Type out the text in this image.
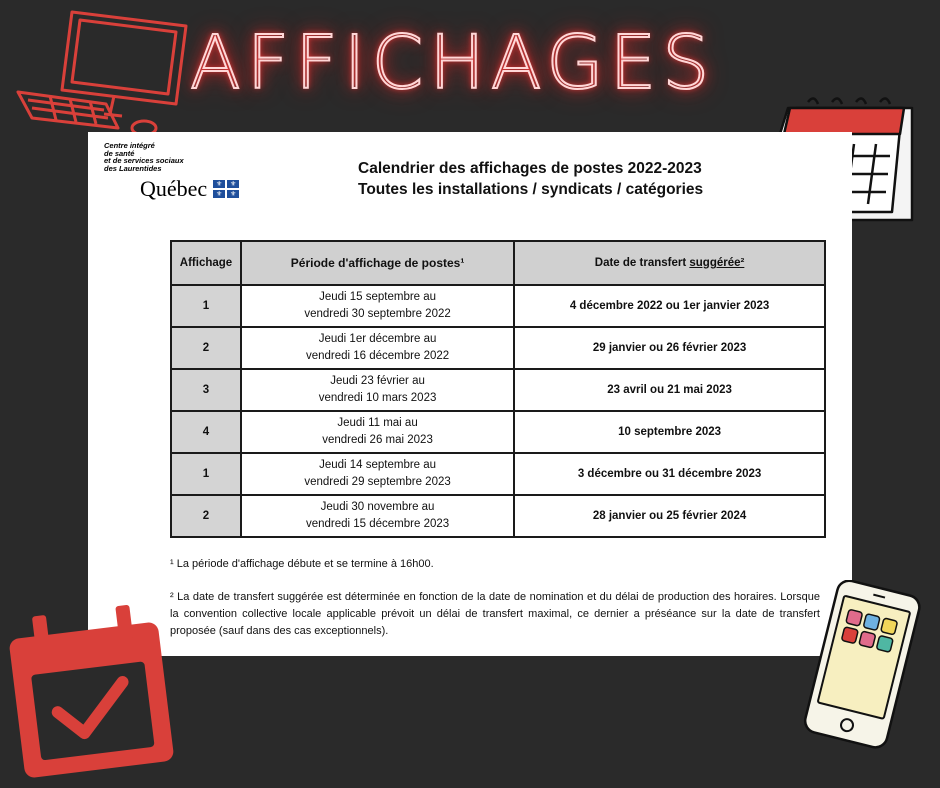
AFFICHAGES
Centre intégré
de santé
et de services sociaux
des Laurentides
Québec	⚜	⚜
⚜	⚜
Calendrier des affichages de postes 2022-2023
Toutes les installations / syndicats / catégories
Affichage	Période d'affichage de postes¹	Date de transfert suggérée²
1	Jeudi 15 septembre au
vendredi 30 septembre 2022	4 décembre 2022 ou 1er janvier 2023
2	Jeudi 1er décembre au
vendredi 16 décembre 2022	29 janvier ou 26 février 2023
3	Jeudi 23 février au
vendredi 10 mars 2023	23 avril ou 21 mai 2023
4	Jeudi 11 mai au
vendredi 26 mai 2023	10 septembre 2023
1	Jeudi 14 septembre au
vendredi 29 septembre 2023	3 décembre ou 31 décembre 2023
2	Jeudi 30 novembre au
vendredi 15 décembre 2023	28 janvier ou 25 février 2024
¹ La période d'affichage débute et se termine à 16h00.
² La date de transfert suggérée est déterminée en fonction de la date de nomination et du délai de production des horaires. Lorsque la convention collective locale applicable prévoit un délai de transfert maximal, ce dernier a préséance sur la date de transfert proposée (sauf dans des cas exceptionnels).
